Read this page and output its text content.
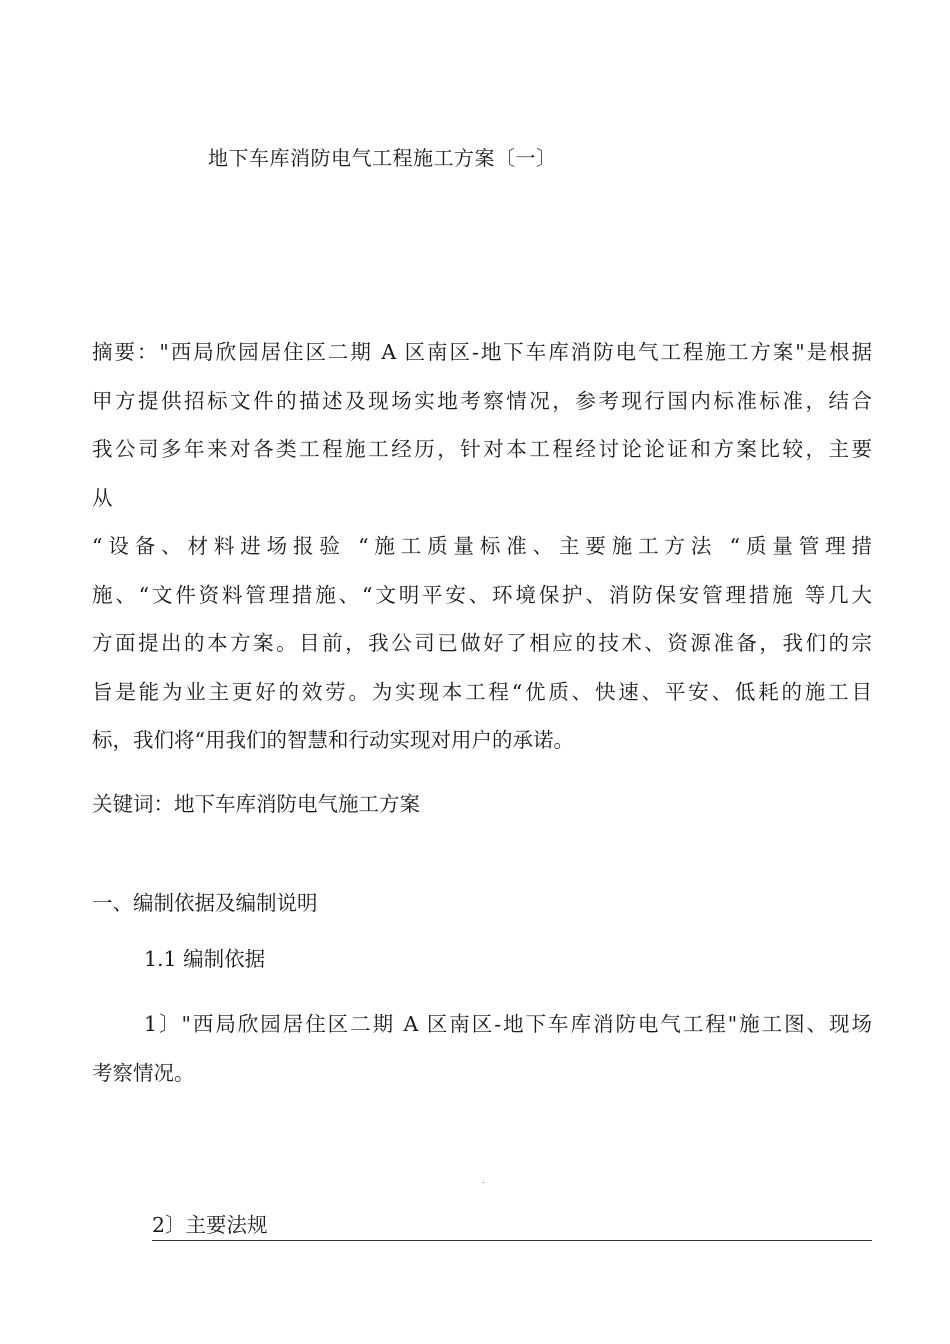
地下车库消防电气工程施工方案〔一〕
摘要："西局欣园居住区二期 A 区南区-地下车库消防电气工程施工方案"是根据
甲方提供招标文件的描述及现场实地考察情况，参考现行国内标准标准，结合
我公司多年来对各类工程施工经历，针对本工程经讨论论证和方案比较，主要
从
“设备、材料进场报验 “施工质量标准、主要施工方法 “质量管理措
施、“文件资料管理措施、“文明平安、环境保护、消防保安管理措施 等几大
方面提出的本方案。目前，我公司已做好了相应的技术、资源准备，我们的宗
旨是能为业主更好的效劳。为实现本工程“优质、快速、平安、低耗的施工目
标，我们将“用我们的智慧和行动实现对用户的承诺。
关键词：地下车库消防电气施工方案
一、编制依据及编制说明
1.1 编制依据
1〕"西局欣园居住区二期 A 区南区-地下车库消防电气工程"施工图、现场
考察情况。
.
2〕主要法规
